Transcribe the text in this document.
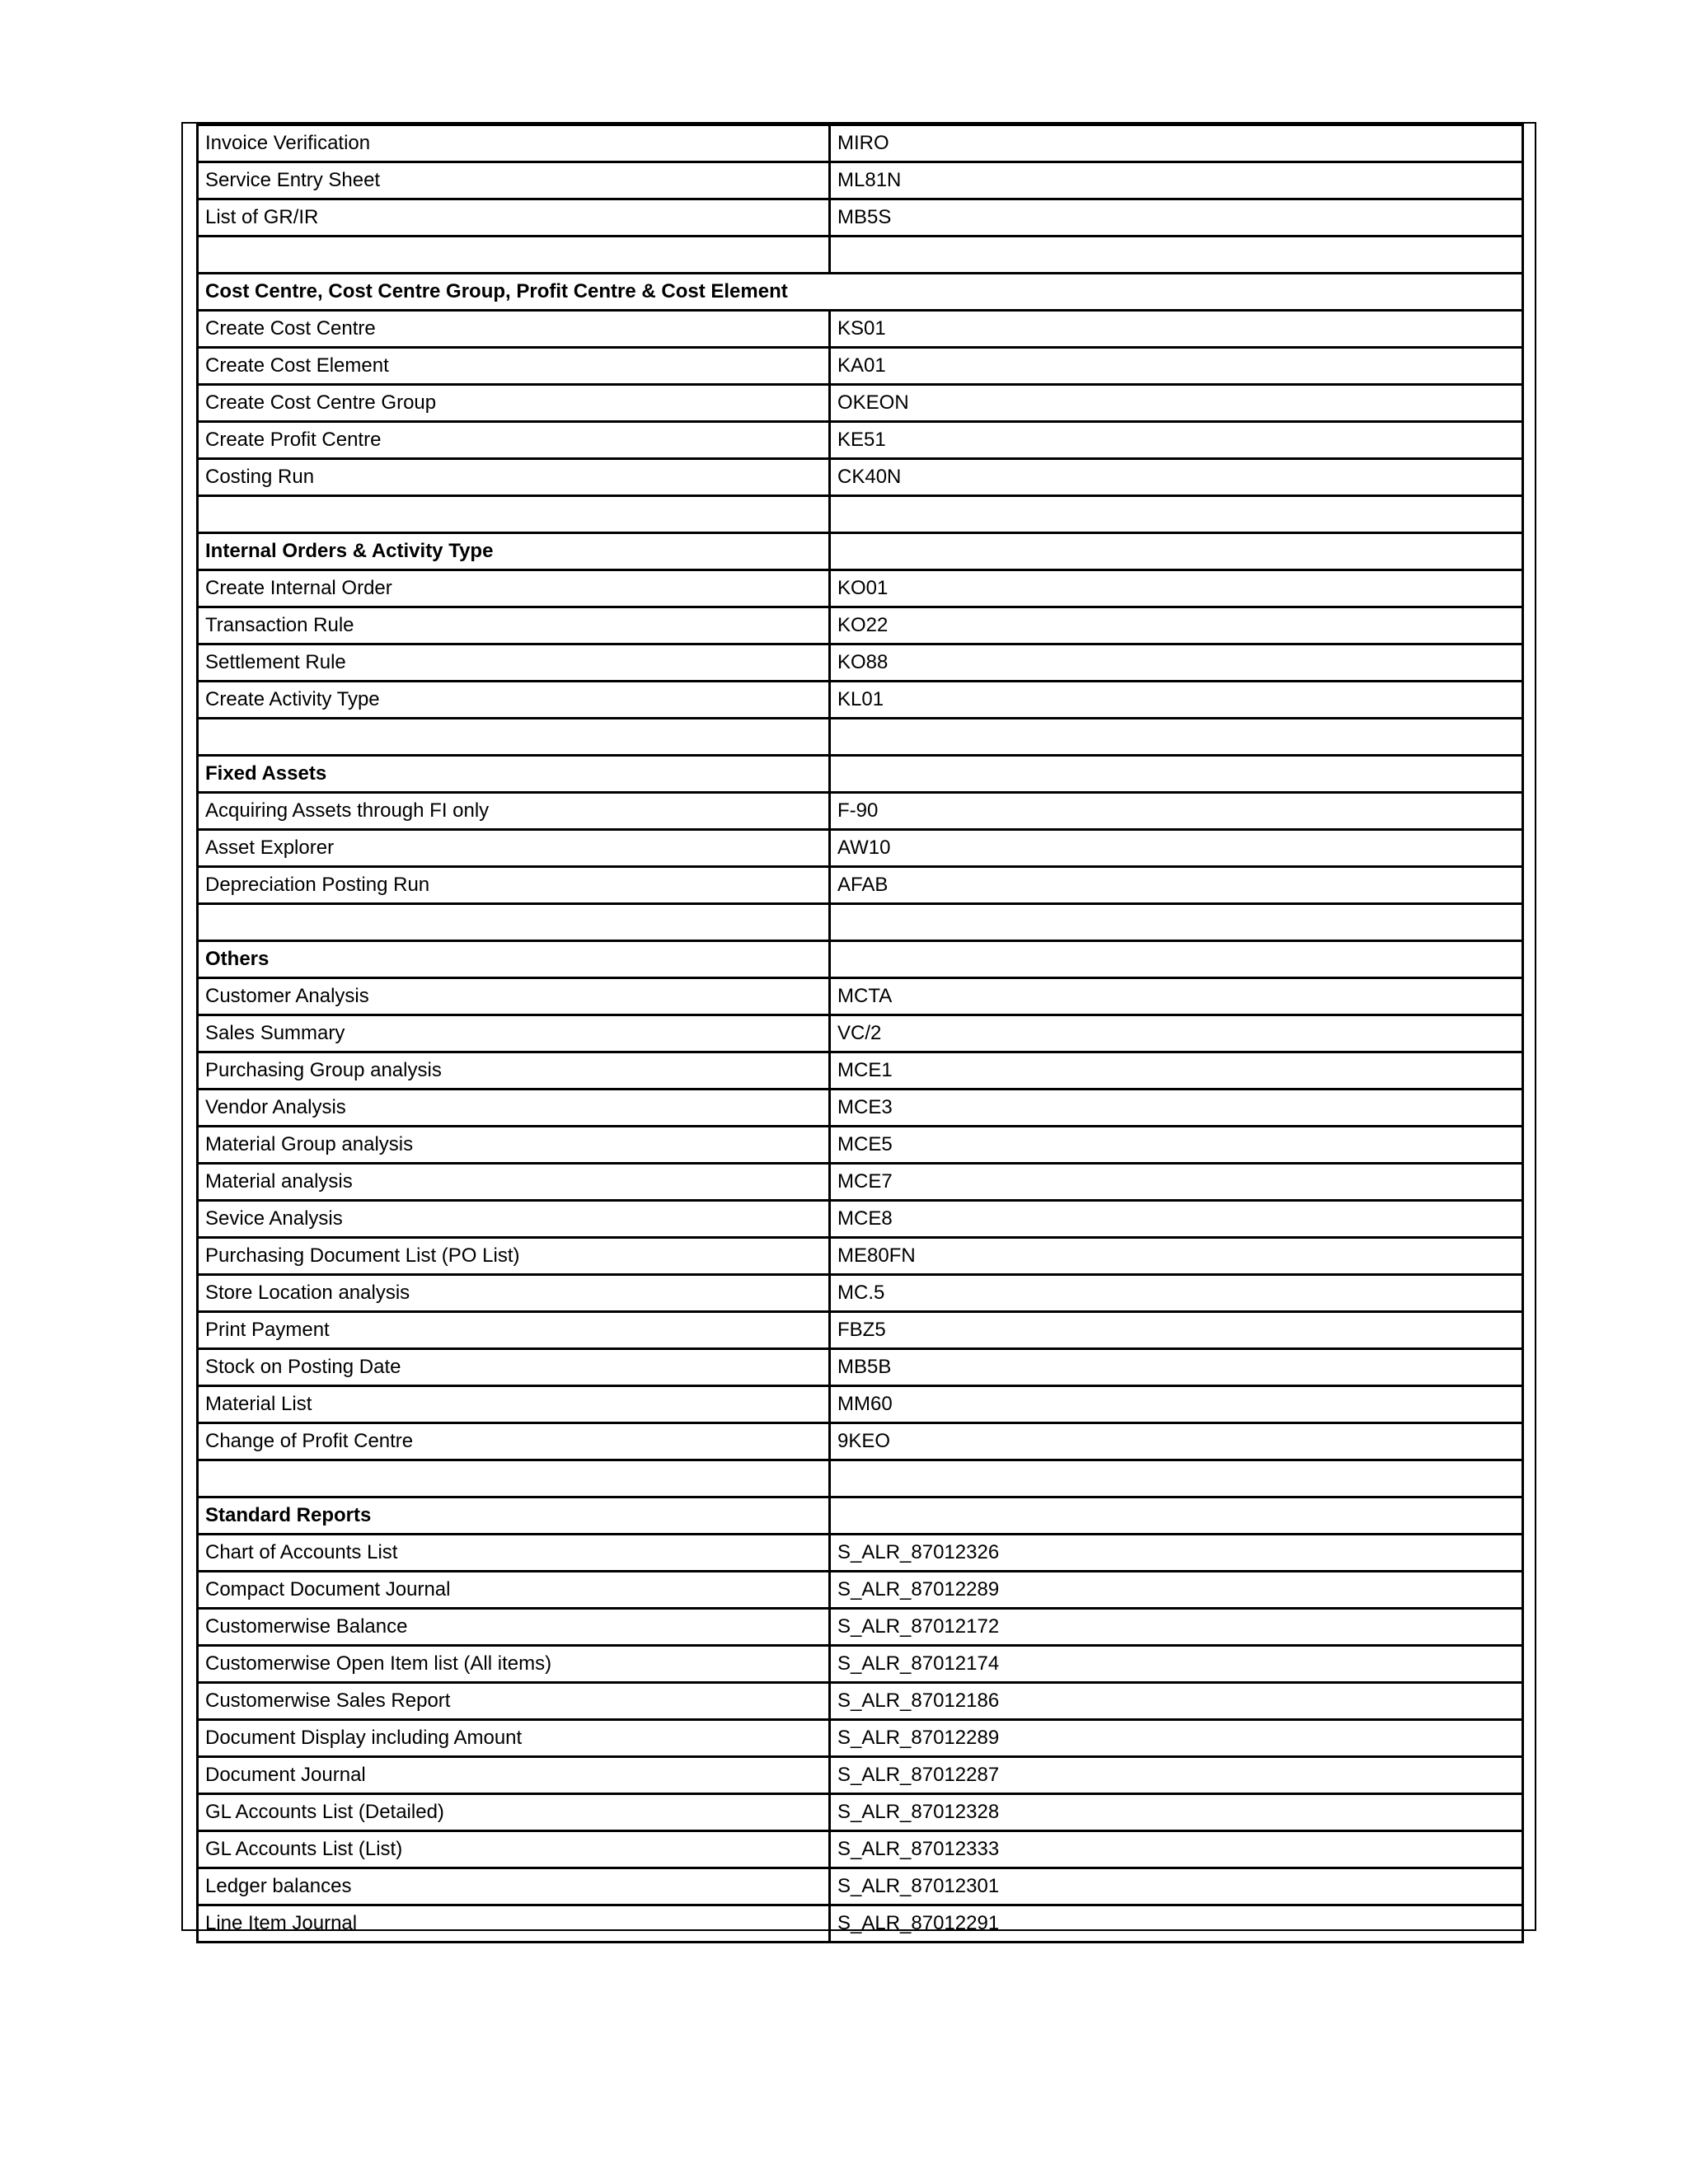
Invoice Verification	MIRO
Service Entry Sheet	ML81N
List of GR/IR	MB5S

Cost Centre, Cost Centre Group, Profit Centre & Cost Element	
Create Cost Centre	KS01
Create Cost Element	KA01
Create Cost Centre Group	OKEON
Create Profit Centre	KE51
Costing Run	CK40N

Internal Orders & Activity Type	
Create Internal Order	KO01
Transaction Rule	KO22
Settlement Rule	KO88
Create Activity Type	KL01

Fixed Assets	
Acquiring Assets through FI only	F-90
Asset Explorer	AW10
Depreciation Posting Run	AFAB

Others	
Customer Analysis	MCTA
Sales Summary	VC/2
Purchasing Group analysis	MCE1
Vendor Analysis	MCE3
Material Group analysis	MCE5
Material analysis	MCE7
Sevice Analysis	MCE8
Purchasing Document List (PO List)	ME80FN
Store Location analysis	MC.5
Print Payment	FBZ5
Stock on Posting Date	MB5B
Material List	MM60
Change of Profit Centre	9KEO

Standard Reports	
Chart of Accounts List	S_ALR_87012326
Compact Document Journal	S_ALR_87012289
Customerwise Balance	S_ALR_87012172
Customerwise Open Item list (All items)	S_ALR_87012174
Customerwise Sales Report	S_ALR_87012186
Document Display including Amount	S_ALR_87012289
Document Journal	S_ALR_87012287
GL Accounts List (Detailed)	S_ALR_87012328
GL Accounts List (List)	S_ALR_87012333
Ledger balances	S_ALR_87012301
Line Item Journal	S_ALR_87012291
